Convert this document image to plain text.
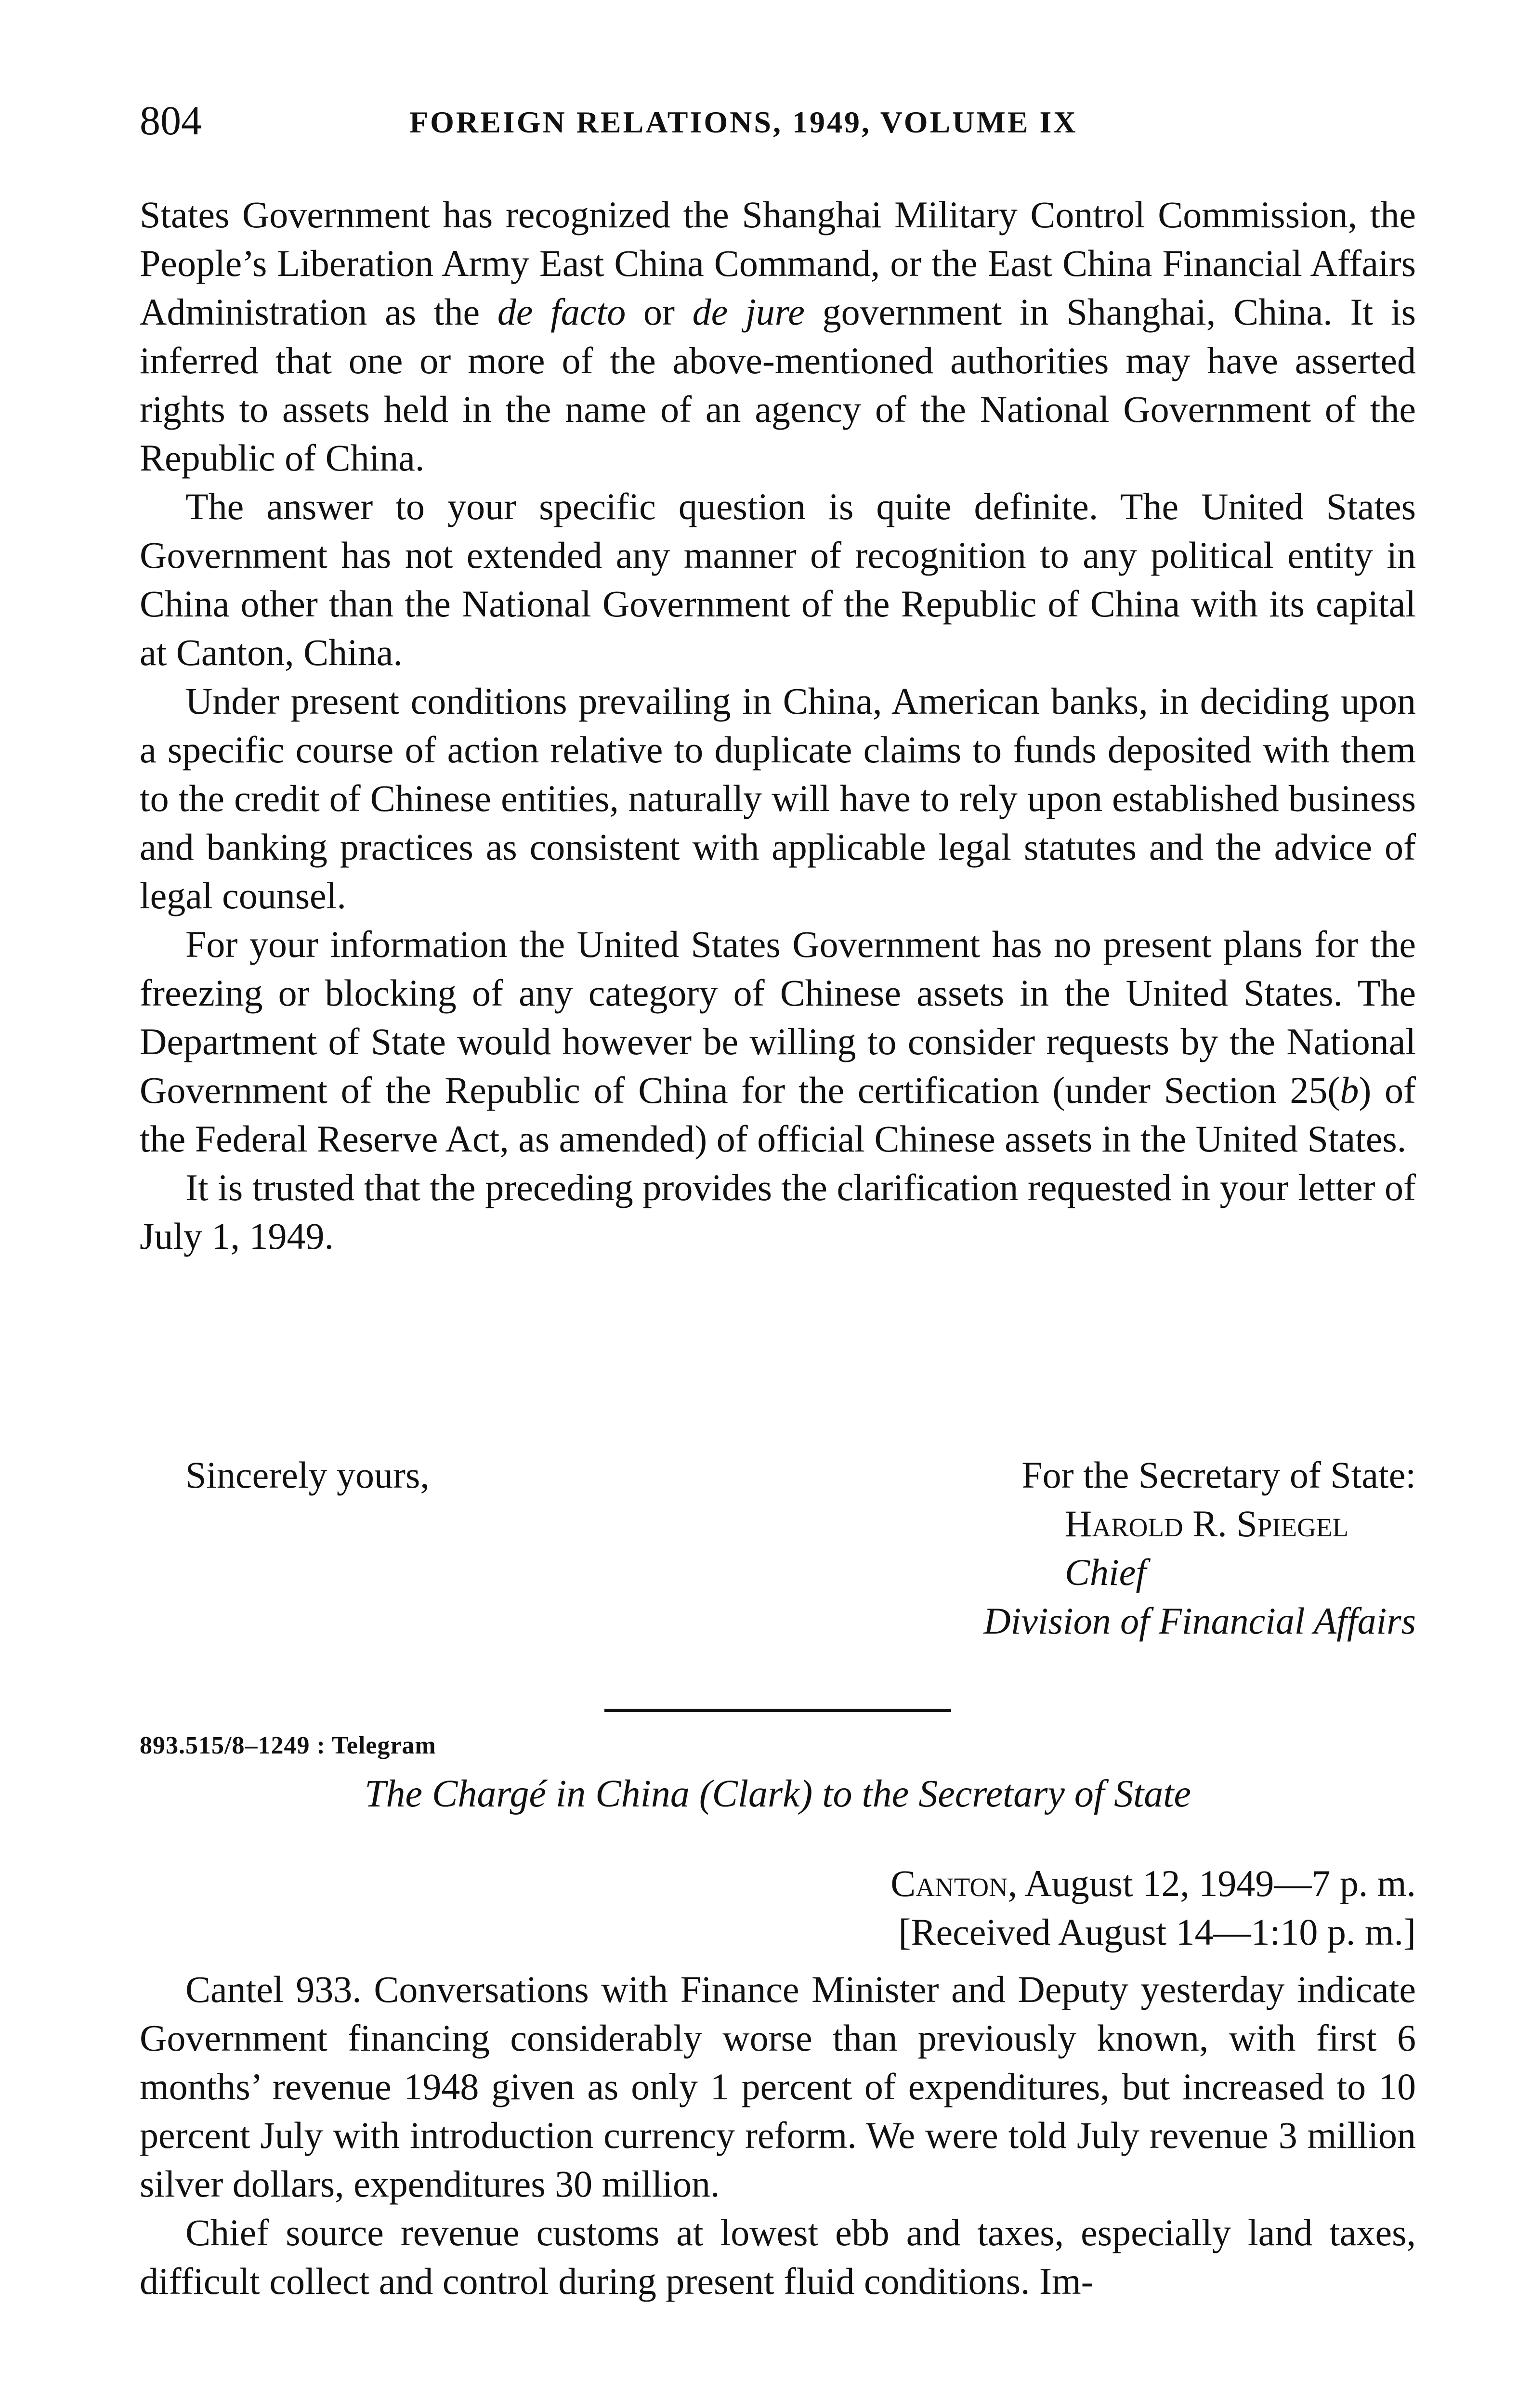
804	FOREIGN RELATIONS, 1949, VOLUME IX

States Government has recognized the Shanghai Military Control Commission, the People’s Liberation Army East China Command, or the East China Financial Affairs Administration as the de facto or de jure government in Shanghai, China. It is inferred that one or more of the above-mentioned authorities may have asserted rights to assets held in the name of an agency of the National Government of the Republic of China.

The answer to your specific question is quite definite. The United States Government has not extended any manner of recognition to any political entity in China other than the National Government of the Republic of China with its capital at Canton, China.

Under present conditions prevailing in China, American banks, in deciding upon a specific course of action relative to duplicate claims to funds deposited with them to the credit of Chinese entities, naturally will have to rely upon established business and banking practices as consistent with applicable legal statutes and the advice of legal counsel.

For your information the United States Government has no present plans for the freezing or blocking of any category of Chinese assets in the United States. The Department of State would however be willing to consider requests by the National Government of the Republic of China for the certification (under Section 25(b) of the Federal Reserve Act, as amended) of official Chinese assets in the United States.

It is trusted that the preceding provides the clarification requested in your letter of July 1, 1949.

Sincerely yours,	For the Secretary of State:
Harold R. Spiegel
Chief
Division of Financial Affairs
893.515/8–1249 : Telegram
The Chargé in China (Clark) to the Secretary of State
Canton, August 12, 1949—7 p. m.
[Received August 14—1:10 p. m.]

Cantel 933. Conversations with Finance Minister and Deputy yesterday indicate Government financing considerably worse than previously known, with first 6 months’ revenue 1948 given as only 1 percent of expenditures, but increased to 10 percent July with introduction currency reform. We were told July revenue 3 million silver dollars, expenditures 30 million.

Chief source revenue customs at lowest ebb and taxes, especially land taxes, difficult collect and control during present fluid conditions. Im-
